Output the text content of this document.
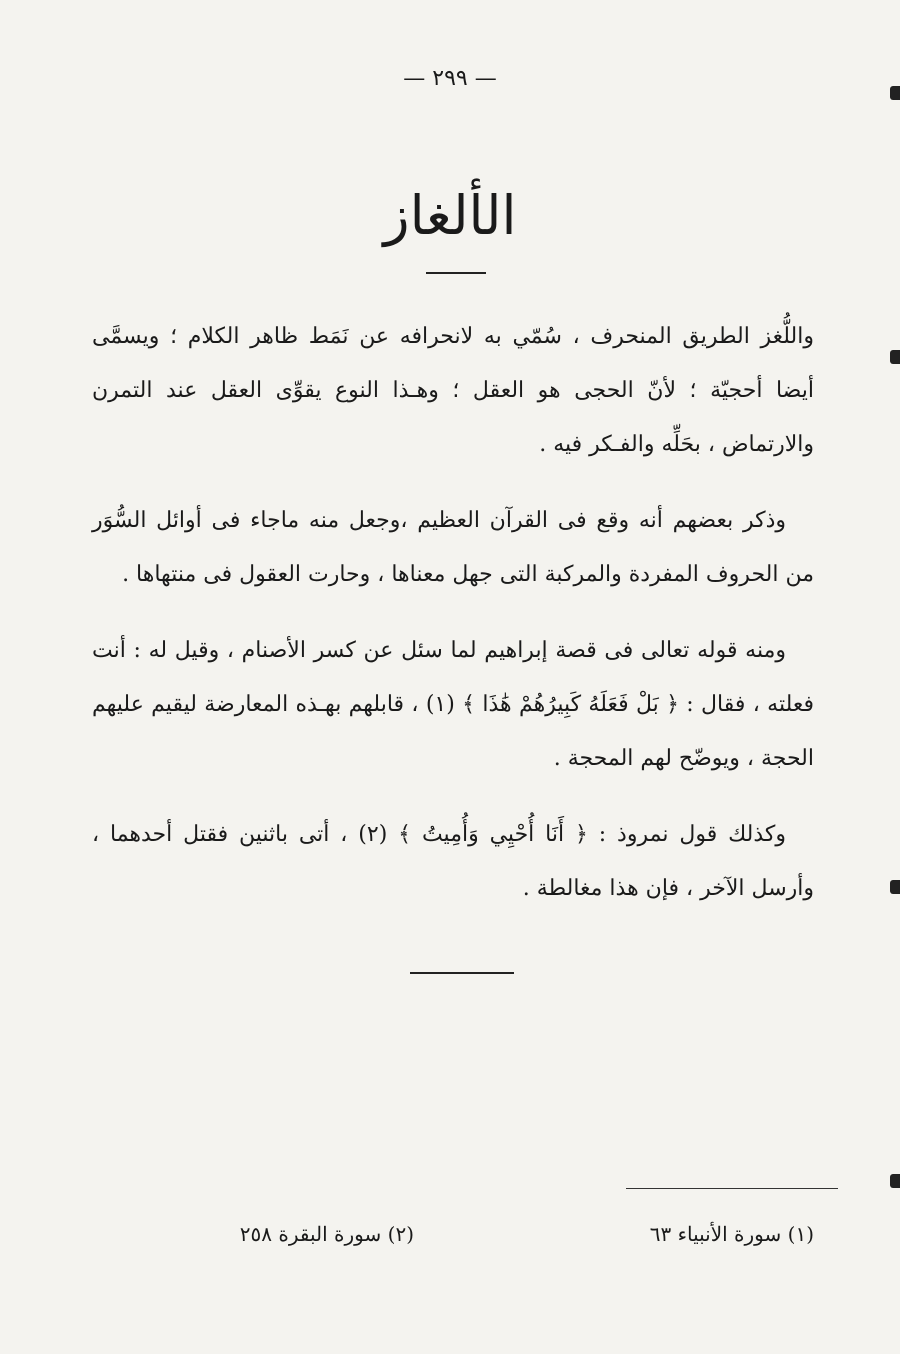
— ٢٩٩ —
الألغاز

واللُّغز الطريق المنحرف ، سُمّي به لانحرافه عن نَمَط ظاهر الكلام ؛ ويسمَّى أيضا أحجيّة ؛ لأنّ الحجى هو العقل ؛ وهـذا النوع يقوِّى العقل عند التمرن والارتماض ، بحَلِّه والفـكر فيه .

وذكر بعضهم أنه وقع فى القرآن العظيم ،وجعل منه ماجاء فى أوائل السُّوَر من الحروف المفردة والمركبة التى جهل معناها ، وحارت العقول فى منتهاها .

ومنه قوله تعالى فى قصة إبراهيم لما سئل عن كسر الأصنام ، وقيل له : أنت فعلته ، فقال : ﴿ بَلْ فَعَلَهُ كَبِيرُهُمْ هَٰذَا ﴾ (١) ، قابلهم بهـذه المعارضة ليقيم عليهم الحجة ، ويوضّح لهم المحجة .

وكذلك قول نمروذ : ﴿ أَنَا أُحْيِي وَأُمِيتُ ﴾ (٢) ، أتى باثنين فقتل أحدهما ، وأرسل الآخر ، فإن هذا مغالطة .

(١) سورة الأنبياء ٦٣
(٢) سورة البقرة ٢٥٨
